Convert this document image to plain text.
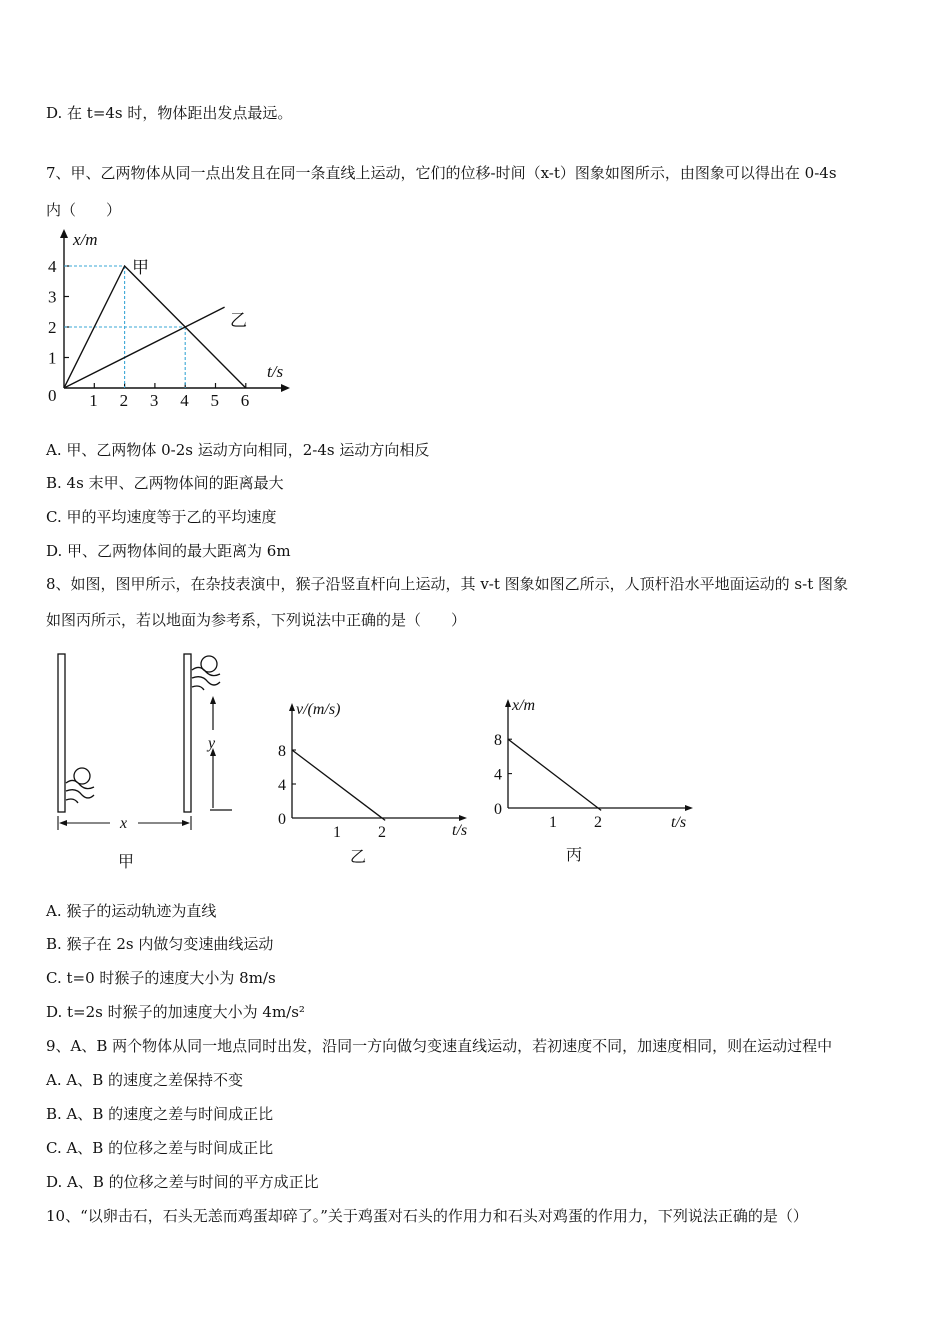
D. 在 t=4s 时，物体距出发点最远。
7、甲、乙两物体从同一点出发且在同一条直线上运动，它们的位移-时间（x-t）图象如图所示，由图象可以得出在 0-4s
内（　　）
1
2
3
4
1 2 3 4 5 6
x/m
t/s
0
甲
乙
A. 甲、乙两物体 0-2s 运动方向相同，2-4s 运动方向相反
B. 4s 末甲、乙两物体间的距离最大
C. 甲的平均速度等于乙的平均速度
D. 甲、乙两物体间的最大距离为 6m
8、如图，图甲所示，在杂技表演中，猴子沿竖直杆向上运动，其 v-t 图象如图乙所示，人顶杆沿水平地面运动的 s-t 图象
如图丙所示，若以地面为参考系，下列说法中正确的是（　　）
y
x
甲
0
4
8
1 2
v/(m/s)
t/s
乙
0
4
8
1 2
x/m
t/s
丙
A. 猴子的运动轨迹为直线
B. 猴子在 2s 内做匀变速曲线运动
C. t=0 时猴子的速度大小为 8m/s
D. t=2s 时猴子的加速度大小为 4m/s²
9、A、B 两个物体从同一地点同时出发，沿同一方向做匀变速直线运动，若初速度不同，加速度相同，则在运动过程中
A. A、B 的速度之差保持不变
B. A、B 的速度之差与时间成正比
C. A、B 的位移之差与时间成正比
D. A、B 的位移之差与时间的平方成正比
10、“以卵击石，石头无恙而鸡蛋却碎了。”关于鸡蛋对石头的作用力和石头对鸡蛋的作用力，下列说法正确的是（）
